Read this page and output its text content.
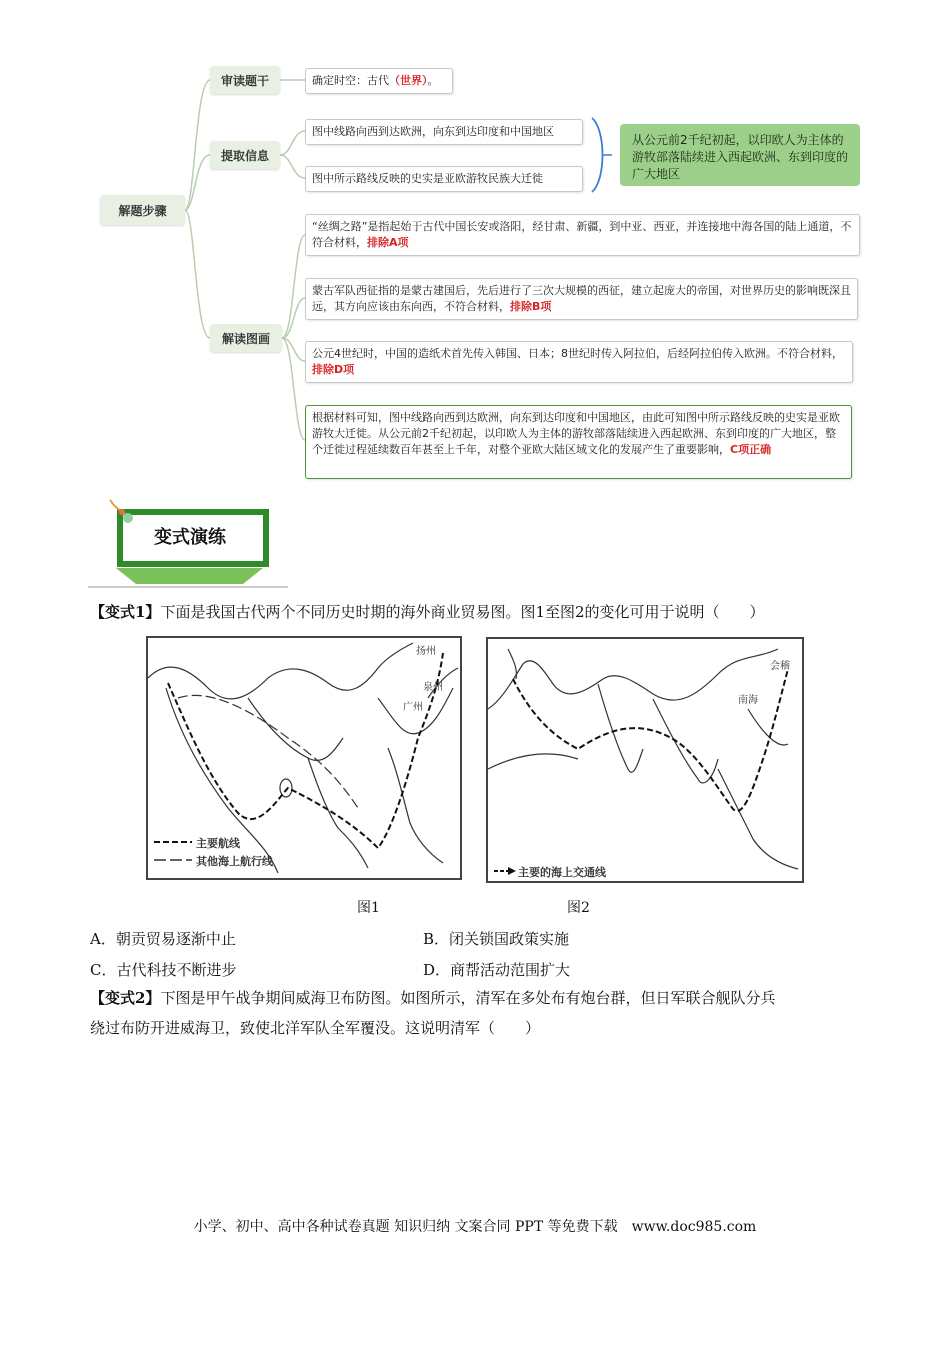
解题步骤
审读题干
提取信息
解读图画
确定时空：古代（世界）。
图中线路向西到达欧洲，向东到达印度和中国地区
图中所示路线反映的史实是亚欧游牧民族大迁徙
从公元前2千纪初起，以印欧人为主体的游牧部落陆续进入西起欧洲、东到印度的广大地区
“丝绸之路”是指起始于古代中国长安或洛阳，经甘肃、新疆，到中亚、西亚，并连接地中海各国的陆上通道，不符合材料，排除A项
蒙古军队西征指的是蒙古建国后，先后进行了三次大规模的西征，建立起庞大的帝国，对世界历史的影响既深且远，其方向应该由东向西，不符合材料，排除B项
公元4世纪时，中国的造纸术首先传入韩国、日本；8世纪时传入阿拉伯，后经阿拉伯传入欧洲。不符合材料，排除D项
根据材料可知，图中线路向西到达欧洲，向东到达印度和中国地区，由此可知图中所示路线反映的史实是亚欧游牧大迁徙。从公元前2千纪初起，以印欧人为主体的游牧部落陆续进入西起欧洲、东到印度的广大地区，整个迁徙过程延续数百年甚至上千年，对整个亚欧大陆区域文化的发展产生了重要影响，C项正确
变式演练
【变式1】下面是我国古代两个不同历史时期的海外商业贸易图。图1至图2的变化可用于说明（　　）
扬州
泉州
广州
主要航线
其他海上航行线
图1
会稽
南海
主要的海上交通线
图2
A．朝贡贸易逐渐中止	B．闭关锁国政策实施
C．古代科技不断进步	D．商帮活动范围扩大
【变式2】下图是甲午战争期间威海卫布防图。如图所示，清军在多处布有炮台群，但日军联合舰队分兵
绕过布防开进威海卫，致使北洋军队全军覆没。这说明清军（　　）
小学、初中、高中各种试卷真题 知识归纳 文案合同 PPT 等免费下载　www.doc985.com
